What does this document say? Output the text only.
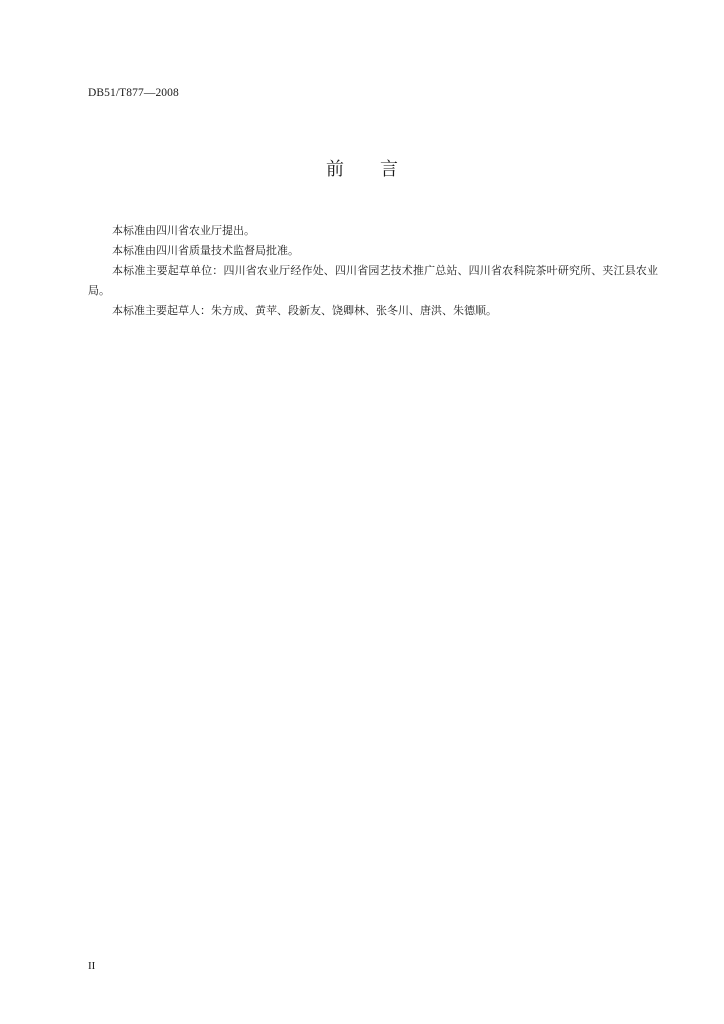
DB51/T877—2008
前 言

本标准由四川省农业厅提出。

本标准由四川省质量技术监督局批准。

本标准主要起草单位：四川省农业厅经作处、四川省园艺技术推广总站、四川省农科院茶叶研究所、夹江县农业局。

本标准主要起草人：朱方成、黄苹、段新友、饶卿林、张冬川、唐洪、朱德顺。

II
